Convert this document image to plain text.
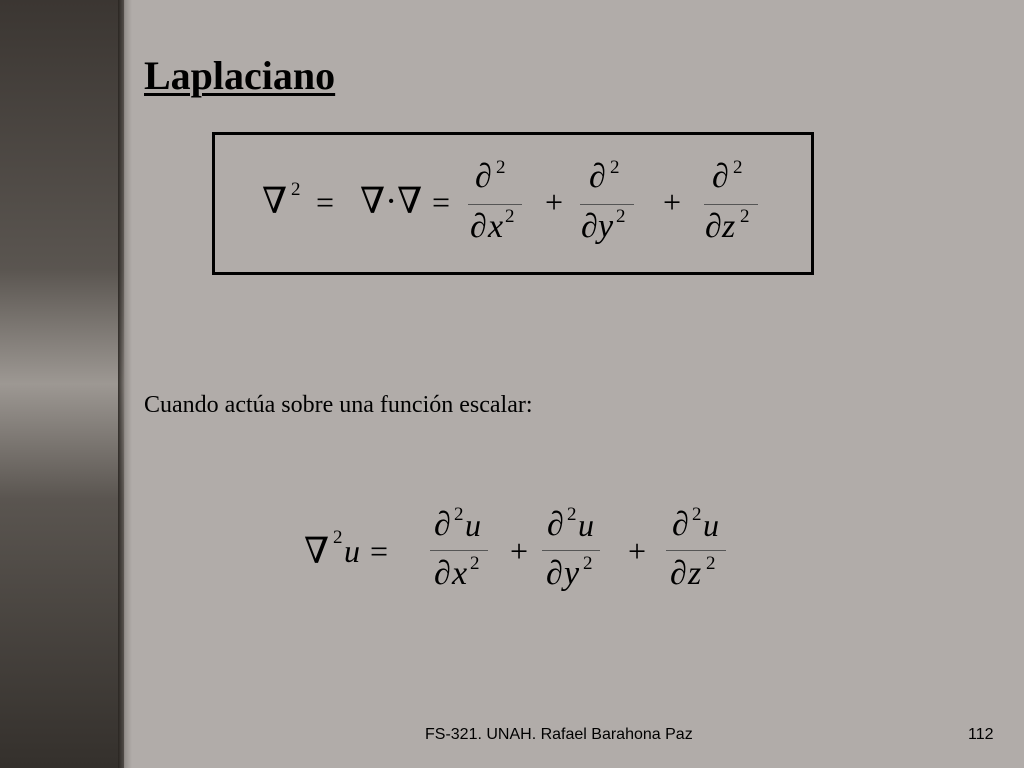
Laplaciano
∇ 2 = ∇·∇ =
∂ 2
∂ x 2 +
∂ 2
∂ y 2 +
∂ 2
∂ z 2
Cuando actúa sobre una función escalar:
∇ 2 u =
∂ 2 u
∂ x 2 +
∂ 2 u
∂ y 2 +
∂ 2 u
∂ z 2
FS-321. UNAH. Rafael Barahona Paz	112
